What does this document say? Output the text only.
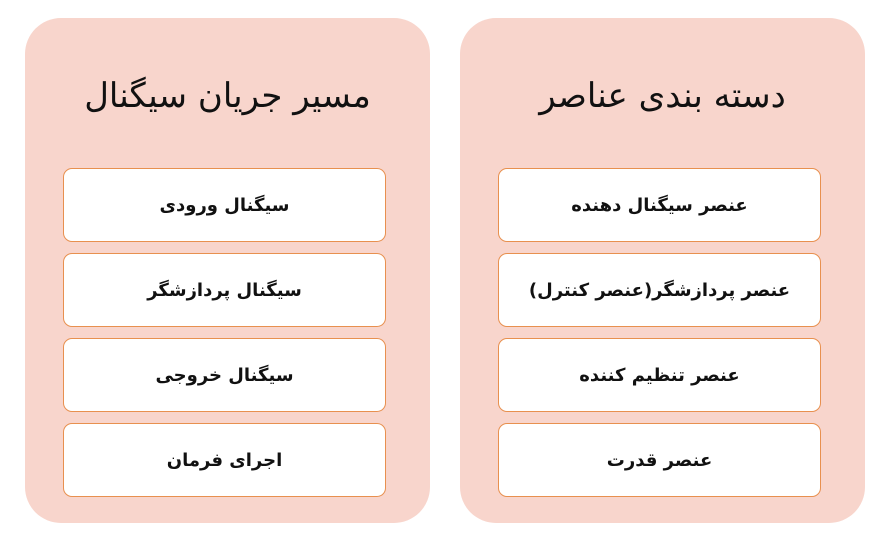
مسیر جریان سیگنال
سیگنال ورودی
سیگنال پردازشگر
سیگنال خروجی
اجرای فرمان
دسته بندی عناصر
عنصر سیگنال دهنده
عنصر پردازشگر(عنصر کنترل)
عنصر تنظیم کننده
عنصر قدرت
